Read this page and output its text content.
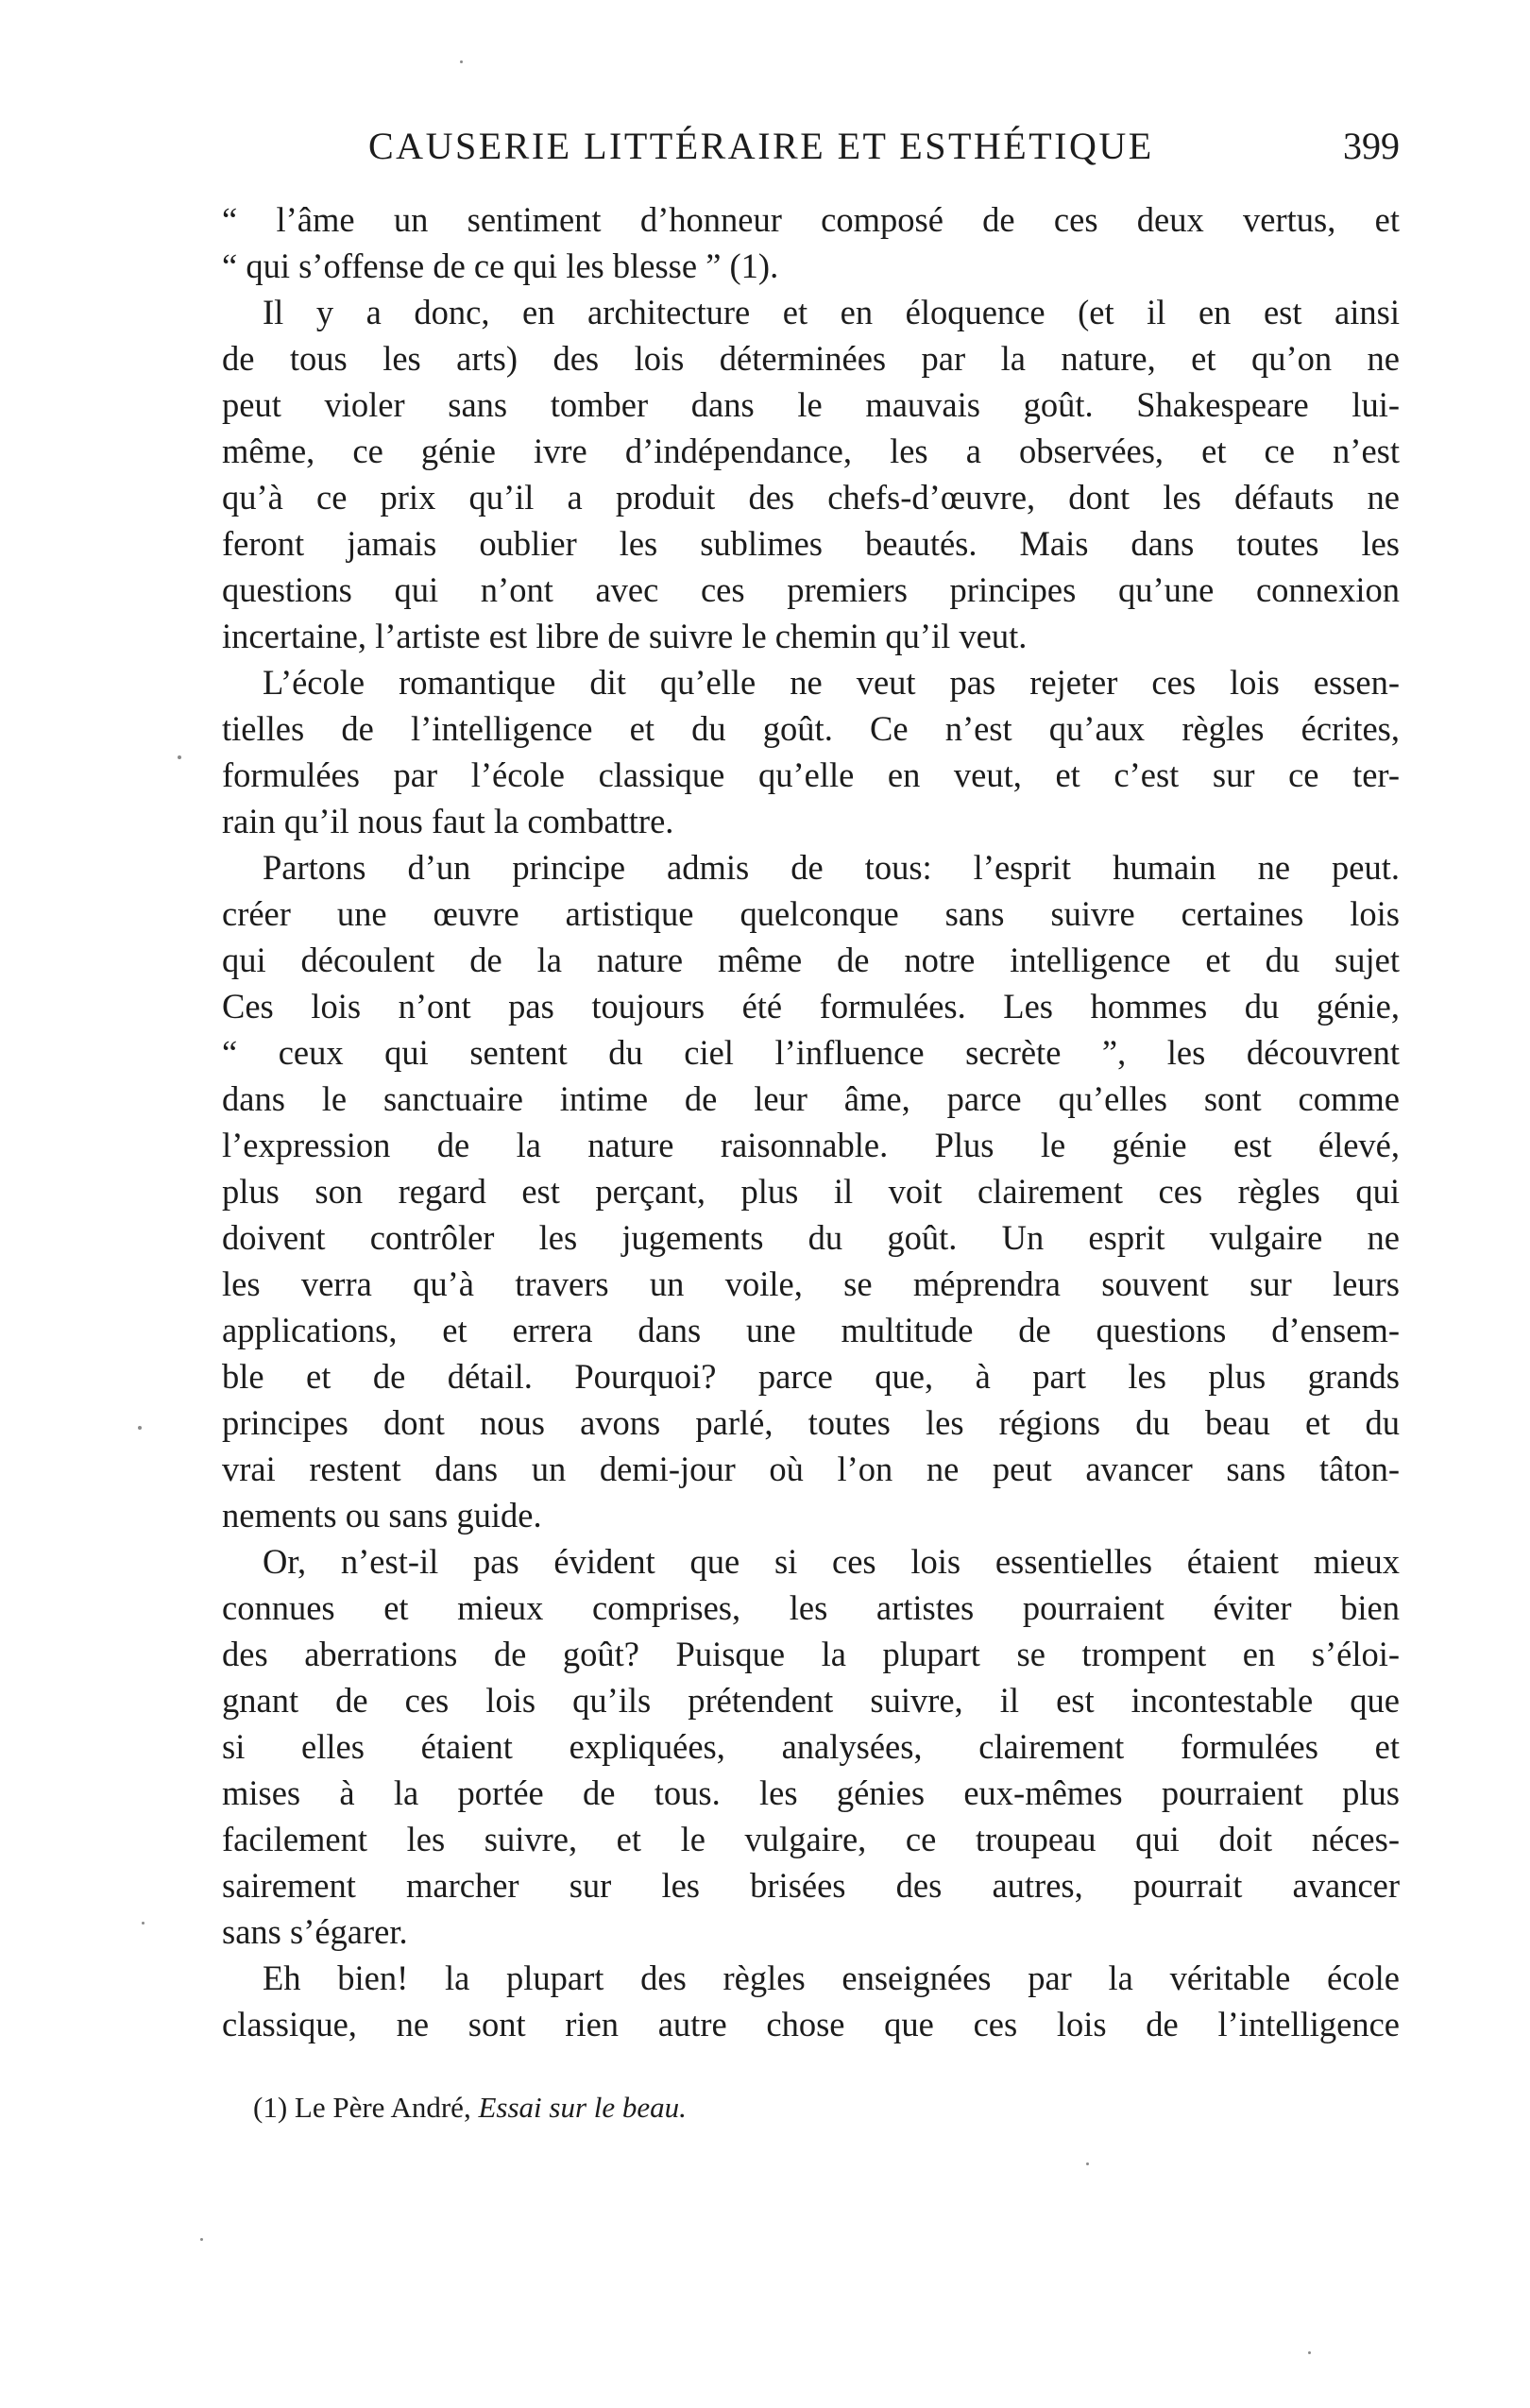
CAUSERIE LITTÉRAIRE ET ESTHÉTIQUE	399
“ l’âme un sentiment d’honneur composé de ces deux vertus, et
“ qui s’offense de ce qui les blesse ” (1).
Il y a donc, en architecture et en éloquence (et il en est ainsi
de tous les arts) des lois déterminées par la nature, et qu’on ne
peut violer sans tomber dans le mauvais goût. Shakespeare lui-
même, ce génie ivre d’indépendance, les a observées, et ce n’est
qu’à ce prix qu’il a produit des chefs-d’œuvre, dont les défauts ne
feront jamais oublier les sublimes beautés. Mais dans toutes les
questions qui n’ont avec ces premiers principes qu’une connexion
incertaine, l’artiste est libre de suivre le chemin qu’il veut.
L’école romantique dit qu’elle ne veut pas rejeter ces lois essen-
tielles de l’intelligence et du goût. Ce n’est qu’aux règles écrites,
formulées par l’école classique qu’elle en veut, et c’est sur ce ter-
rain qu’il nous faut la combattre.
Partons d’un principe admis de tous: l’esprit humain ne peut.
créer une œuvre artistique quelconque sans suivre certaines lois
qui découlent de la nature même de notre intelligence et du sujet
Ces lois n’ont pas toujours été formulées. Les hommes du génie,
“ ceux qui sentent du ciel l’influence secrète ”, les découvrent
dans le sanctuaire intime de leur âme, parce qu’elles sont comme
l’expression de la nature raisonnable. Plus le génie est élevé,
plus son regard est perçant, plus il voit clairement ces règles qui
doivent contrôler les jugements du goût. Un esprit vulgaire ne
les verra qu’à travers un voile, se méprendra souvent sur leurs
applications, et errera dans une multitude de questions d’ensem-
ble et de détail. Pourquoi? parce que, à part les plus grands
principes dont nous avons parlé, toutes les régions du beau et du
vrai restent dans un demi-jour où l’on ne peut avancer sans tâton-
nements ou sans guide.
Or, n’est-il pas évident que si ces lois essentielles étaient mieux
connues et mieux comprises, les artistes pourraient éviter bien
des aberrations de goût? Puisque la plupart se trompent en s’éloi-
gnant de ces lois qu’ils prétendent suivre, il est incontestable que
si elles étaient expliquées, analysées, clairement formulées et
mises à la portée de tous. les génies eux-mêmes pourraient plus
facilement les suivre, et le vulgaire, ce troupeau qui doit néces-
sairement marcher sur les brisées des autres, pourrait avancer
sans s’égarer.
Eh bien! la plupart des règles enseignées par la véritable école
classique, ne sont rien autre chose que ces lois de l’intelligence
(1) Le Père André, Essai sur le beau.
